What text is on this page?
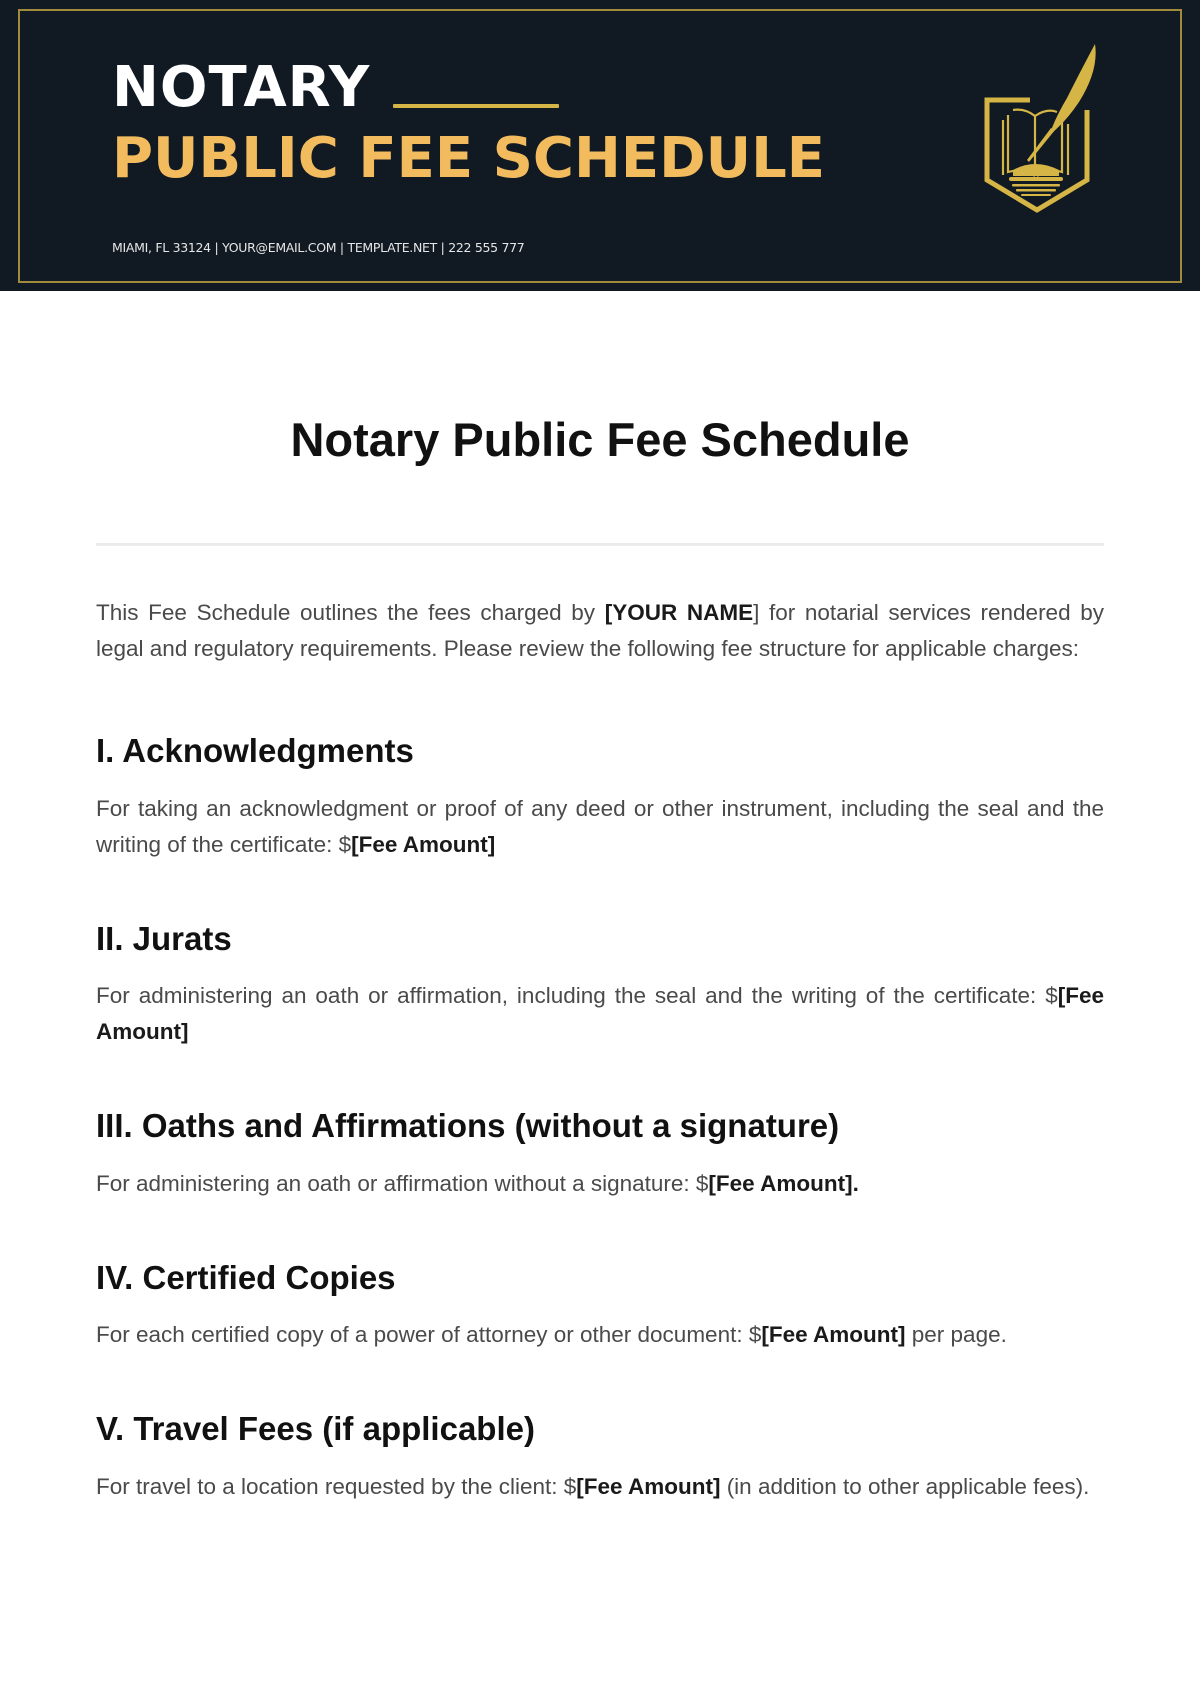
NOTARY
PUBLIC FEE SCHEDULE
MIAMI, FL 33124 | YOUR@EMAIL.COM | TEMPLATE.NET | 222 555 777
Notary Public Fee Schedule

This Fee Schedule outlines the fees charged by [YOUR NAME] for notarial services rendered by legal and regulatory requirements. Please review the following fee structure for applicable charges:

I. Acknowledgments

For taking an acknowledgment or proof of any deed or other instrument, including the seal and the writing of the certificate: $[Fee Amount]

II. Jurats

For administering an oath or affirmation, including the seal and the writing of the certificate: $[Fee Amount]

III. Oaths and Affirmations (without a signature)

For administering an oath or affirmation without a signature: $[Fee Amount].

IV. Certified Copies

For each certified copy of a power of attorney or other document: $[Fee Amount] per page.

V. Travel Fees (if applicable)

For travel to a location requested by the client: $[Fee Amount] (in addition to other applicable fees).
